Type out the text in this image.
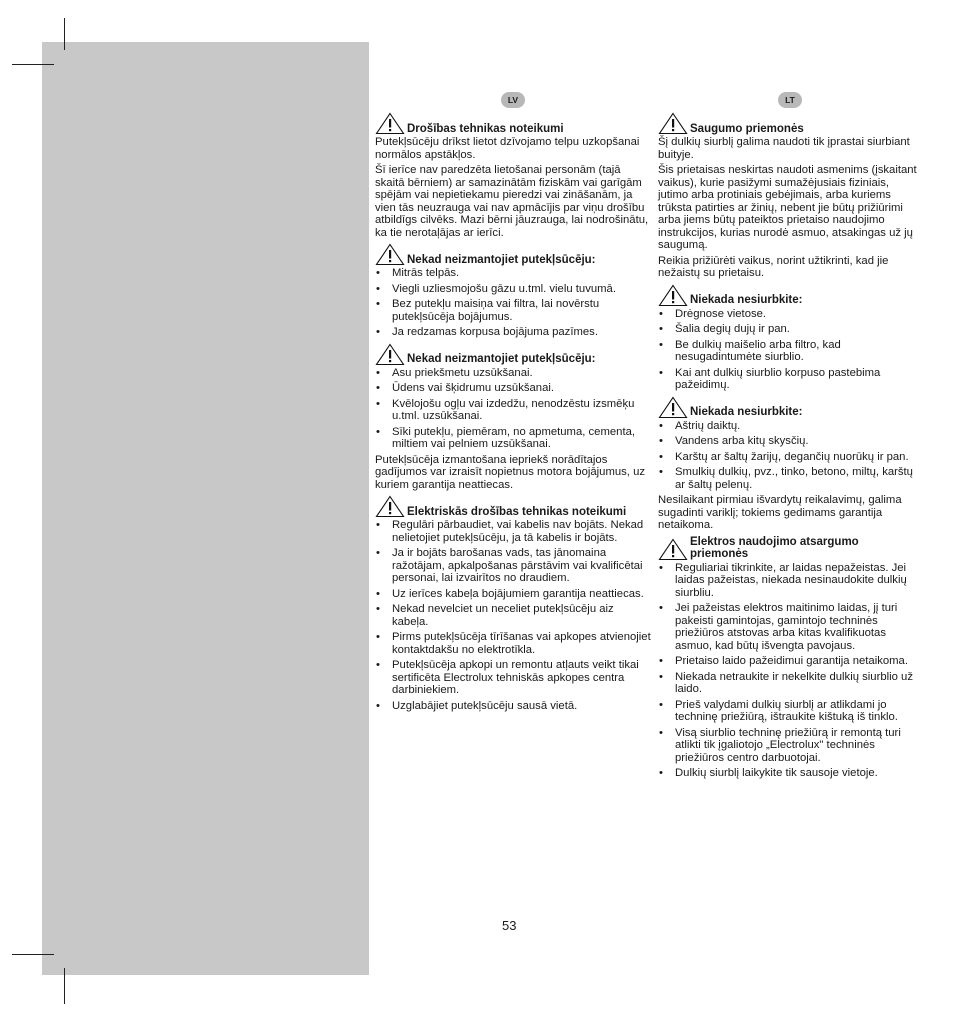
LV
Drošības tehnikas noteikumi

Putekļsūcēju drīkst lietot dzīvojamo telpu uzkopšanai normālos apstākļos.

Šī ierīce nav paredzēta lietošanai personām (tajā skaitā bērniem) ar samazinātām fiziskām vai garīgām spējām vai nepietiekamu pieredzi vai zināšanām, ja vien tās neuzrauga vai nav apmācījis par viņu drošību atbildīgs cilvēks. Mazi bērni jāuzrauga, lai nodrošinātu, ka tie nerotaļājas ar ierīci.

Nekad neizmantojiet putekļsūcēju:
• Mitrās telpās.
• Viegli uzliesmojošu gāzu u.tml. vielu tuvumā.
• Bez putekļu maisiņa vai filtra, lai novērstu putekļsūcēja bojājumus.
• Ja redzamas korpusa bojājuma pazīmes.
Nekad neizmantojiet putekļsūcēju:
• Asu priekšmetu uzsūkšanai.
• Ūdens vai šķidrumu uzsūkšanai.
• Kvēlojošu ogļu vai izdedžu, nenodzēstu izsmēķu u.tml. uzsūkšanai.
• Sīki putekļu, piemēram, no apmetuma, cementa, miltiem vai pelniem uzsūkšanai.

Putekļsūcēja izmantošana iepriekš norādītajos gadījumos var izraisīt nopietnus motora bojājumus, uz kuriem garantija neattiecas.

Elektriskās drošības tehnikas noteikumi
• Regulāri pārbaudiet, vai kabelis nav bojāts. Nekad nelietojiet putekļsūcēju, ja tā kabelis ir bojāts.
• Ja ir bojāts barošanas vads, tas jānomaina ražotājam, apkalpošanas pārstāvim vai kvalificētai personai, lai izvairītos no draudiem.
• Uz ierīces kabeļa bojājumiem garantija neattiecas.
• Nekad nevelciet un neceliet putekļsūcēju aiz kabeļa.
• Pirms putekļsūcēja tīrīšanas vai apkopes atvienojiet kontaktdakšu no elektrotīkla.
• Putekļsūcēja apkopi un remontu atļauts veikt tikai sertificēta Electrolux tehniskās apkopes centra darbiniekiem.
• Uzglabājiet putekļsūcēju sausā vietā.
LT
Saugumo priemonės

Šį dulkių siurblį galima naudoti tik įprastai siurbiant buityje.

Šis prietaisas neskirtas naudoti asmenims (įskaitant vaikus), kurie pasižymi sumažėjusiais fiziniais, jutimo arba protiniais gebėjimais, arba kuriems trūksta patirties ar žinių, nebent jie būtų prižiūrimi arba jiems būtų pateiktos prietaiso naudojimo instrukcijos, kurias nurodė asmuo, atsakingas už jų saugumą.

Reikia prižiūrėti vaikus, norint užtikrinti, kad jie nežaistų su prietaisu.

Niekada nesiurbkite:
• Drėgnose vietose.
• Šalia degių dujų ir pan.
• Be dulkių maišelio arba filtro, kad nesugadintumėte siurblio.
• Kai ant dulkių siurblio korpuso pastebima pažeidimų.
Niekada nesiurbkite:
• Aštrių daiktų.
• Vandens arba kitų skysčių.
• Karštų ar šaltų žarijų, degančių nuorūkų ir pan.
• Smulkių dulkių, pvz., tinko, betono, miltų, karštų ar šaltų pelenų.

Nesilaikant pirmiau išvardytų reikalavimų, galima sugadinti variklį; tokiems gedimams garantija netaikoma.

Elektros naudojimo atsargumo priemonės
• Reguliariai tikrinkite, ar laidas nepažeistas. Jei laidas pažeistas, niekada nesinaudokite dulkių siurbliu.
• Jei pažeistas elektros maitinimo laidas, jį turi pakeisti gamintojas, gamintojo techninės priežiūros atstovas arba kitas kvalifikuotas asmuo, kad būtų išvengta pavojaus.
• Prietaiso laido pažeidimui garantija netaikoma.
• Niekada netraukite ir nekelkite dulkių siurblio už laido.
• Prieš valydami dulkių siurblį ar atlikdami jo techninę priežiūrą, ištraukite kištuką iš tinklo.
• Visą siurblio techninę priežiūrą ir remontą turi atlikti tik įgaliotojo „Electrolux" techninės priežiūros centro darbuotojai.
• Dulkių siurblį laikykite tik sausoje vietoje.
53
